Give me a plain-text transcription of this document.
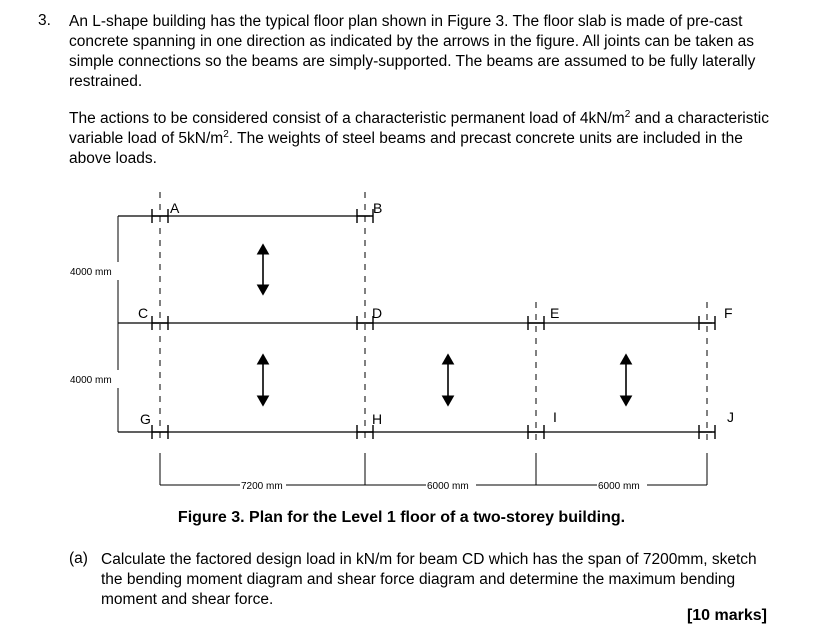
3. An L-shape building has the typical floor plan shown in Figure 3. The floor slab is made of pre-cast concrete spanning in one direction as indicated by the arrows in the figure. All joints can be taken as simple connections so the beams are simply-supported. The beams are assumed to be fully laterally restrained.

The actions to be considered consist of a characteristic permanent load of $4kN/m^2$ and a characteristic variable load of $5kN/m^2$. The weights of steel beams and precast concrete units are included in the above loads.

A	B
C	D	E	F
G	H	I	J
4000 mm
4000 mm
7200 mm	6000 mm	6000 mm
Figure 3. Plan for the Level 1 floor of a two-storey building.
(a) Calculate the factored design load in kN/m for beam CD which has the span of 7200mm, sketch the bending moment diagram and shear force diagram and determine the maximum bending moment and shear force.

[10 marks]
